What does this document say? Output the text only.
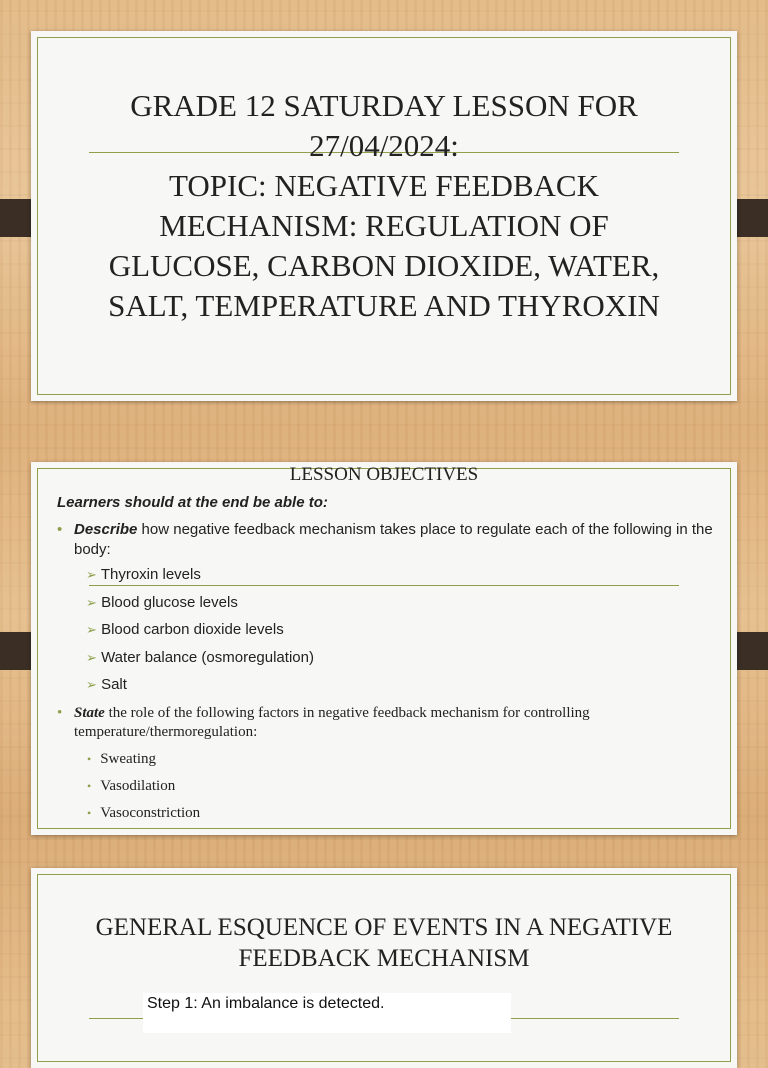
GRADE 12 SATURDAY LESSON FOR
27/04/2024:
TOPIC: NEGATIVE FEEDBACK
MECHANISM: REGULATION OF
GLUCOSE, CARBON DIOXIDE, WATER,
SALT, TEMPERATURE AND THYROXIN
LESSON OBJECTIVES
Learners should at the end be able to:
• Describe how negative feedback mechanism takes place to regulate each of the following in the body:
➢ Thyroxin levels
➢ Blood glucose levels
➢ Blood carbon dioxide levels
➢ Water balance (osmoregulation)
➢ Salt
• State the role of the following factors in negative feedback mechanism for controlling temperature/thermoregulation:
• Sweating
• Vasodilation
• Vasoconstriction
GENERAL ESQUENCE OF EVENTS IN A NEGATIVE
FEEDBACK MECHANISM
Step 1: An imbalance is detected.
